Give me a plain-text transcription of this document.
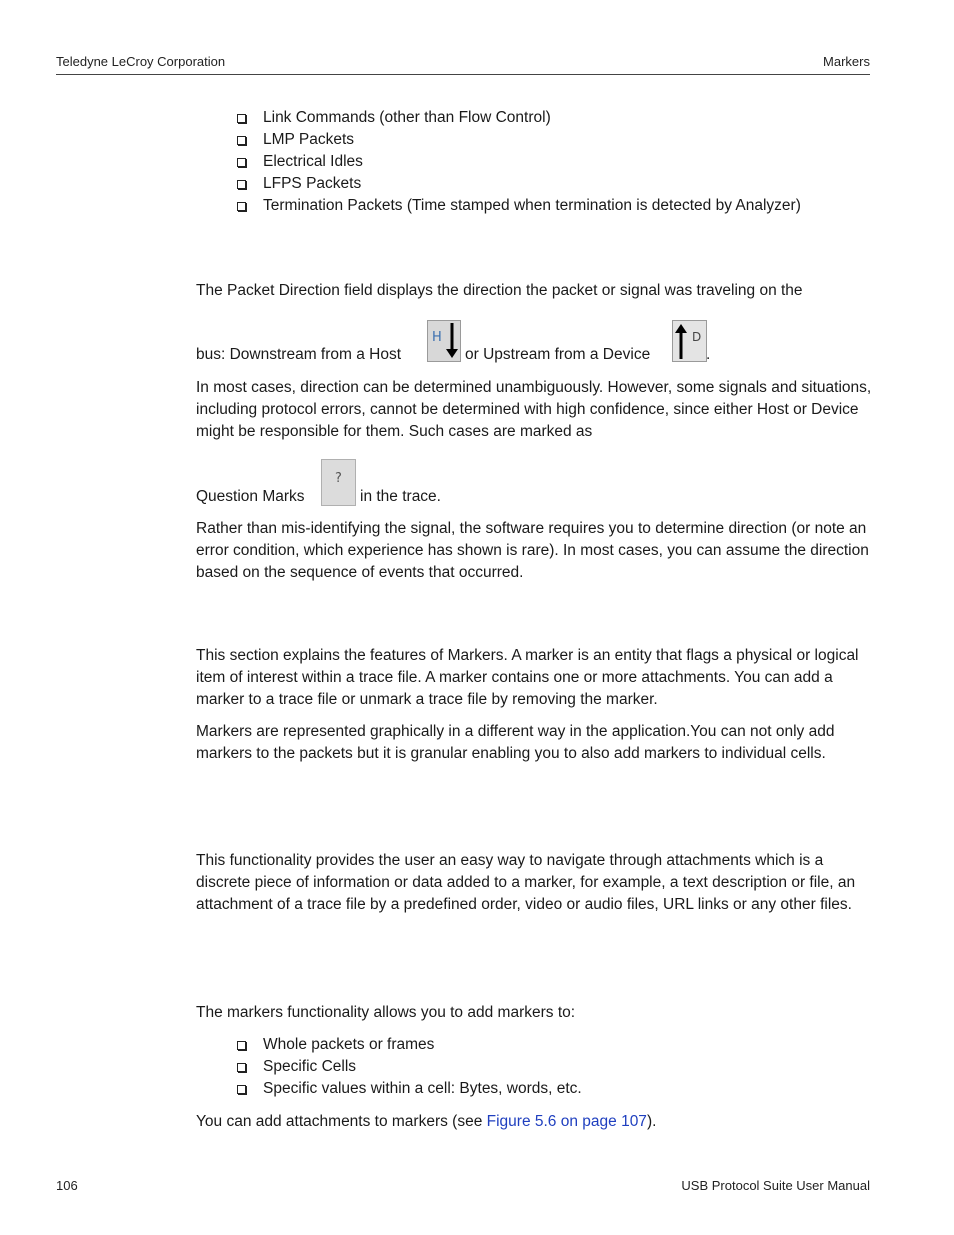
Teledyne LeCroy Corporation	Markers
Link Commands (other than Flow Control)
LMP Packets
Electrical Idles
LFPS Packets
Termination Packets (Time stamped when termination is detected by Analyzer)
The Packet Direction field displays the direction the packet or signal was traveling on the
bus: Downstream from a Host
H
or Upstream from a Device
D
.

In most cases, direction can be determined unambiguously. However, some signals and situations, including protocol errors, cannot be determined with high confidence, since either Host or Device might be responsible for them. Such cases are marked as

Question Marks
?
in the trace.

Rather than mis-identifying the signal, the software requires you to determine direction (or note an error condition, which experience has shown is rare). In most cases, you can assume the direction based on the sequence of events that occurred.

This section explains the features of Markers. A marker is an entity that flags a physical or logical item of interest within a trace file. A marker contains one or more attachments. You can add a marker to a trace file or unmark a trace file by removing the marker.

Markers are represented graphically in a different way in the application.You can not only add markers to the packets but it is granular enabling you to also add markers to individual cells.

This functionality provides the user an easy way to navigate through attachments which is a discrete piece of information or data added to a marker, for example, a text description or file, an attachment of a trace file by a predefined order, video or audio files, URL links or any other files.

The markers functionality allows you to add markers to:
Whole packets or frames
Specific Cells
Specific values within a cell: Bytes, words, etc.
You can add attachments to markers (see Figure 5.6 on page 107).
106	USB Protocol Suite User Manual
